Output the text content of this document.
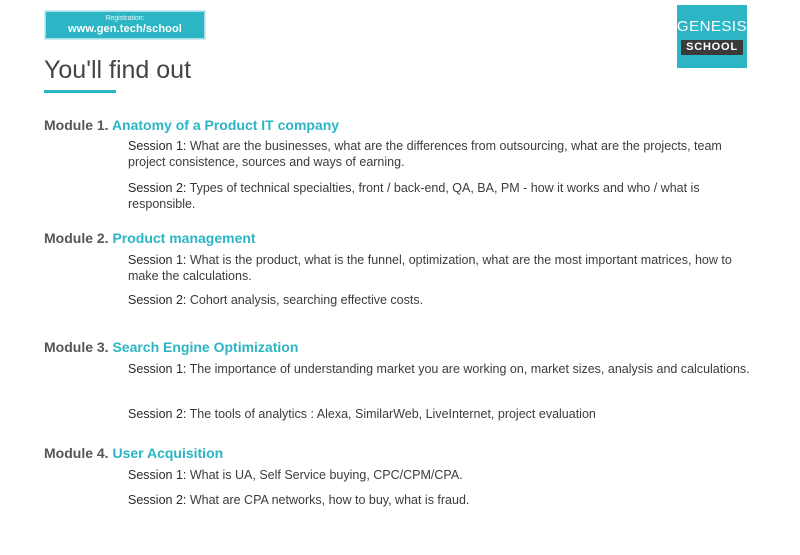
Registration:
www.gen.tech/school	GENESIS
SCHOOL
You'll find out
Module 1. Anatomy of a Product IT company
Session 1: What are the businesses, what are the differences from outsourcing, what are the projects, team project consistence, sources and ways of earning.
Session 2: Types of technical specialties, front / back-end, QA, BA, PM - how it works and who / what is responsible.
Module 2. Product management
Session 1: What is the product, what is the funnel, optimization, what are the most important matrices, how to make the calculations.
Session 2: Cohort analysis, searching effective costs.
Module 3. Search Engine Optimization
Session 1: The importance of understanding market you are working on, market sizes, analysis and calculations.
Session 2: The tools of analytics : Alexa, SimilarWeb, LiveInternet, project evaluation
Module 4. User Acquisition
Session 1: What is UA, Self Service buying, CPC/CPM/CPA.
Session 2: What are CPA networks, how to buy, what is fraud.
